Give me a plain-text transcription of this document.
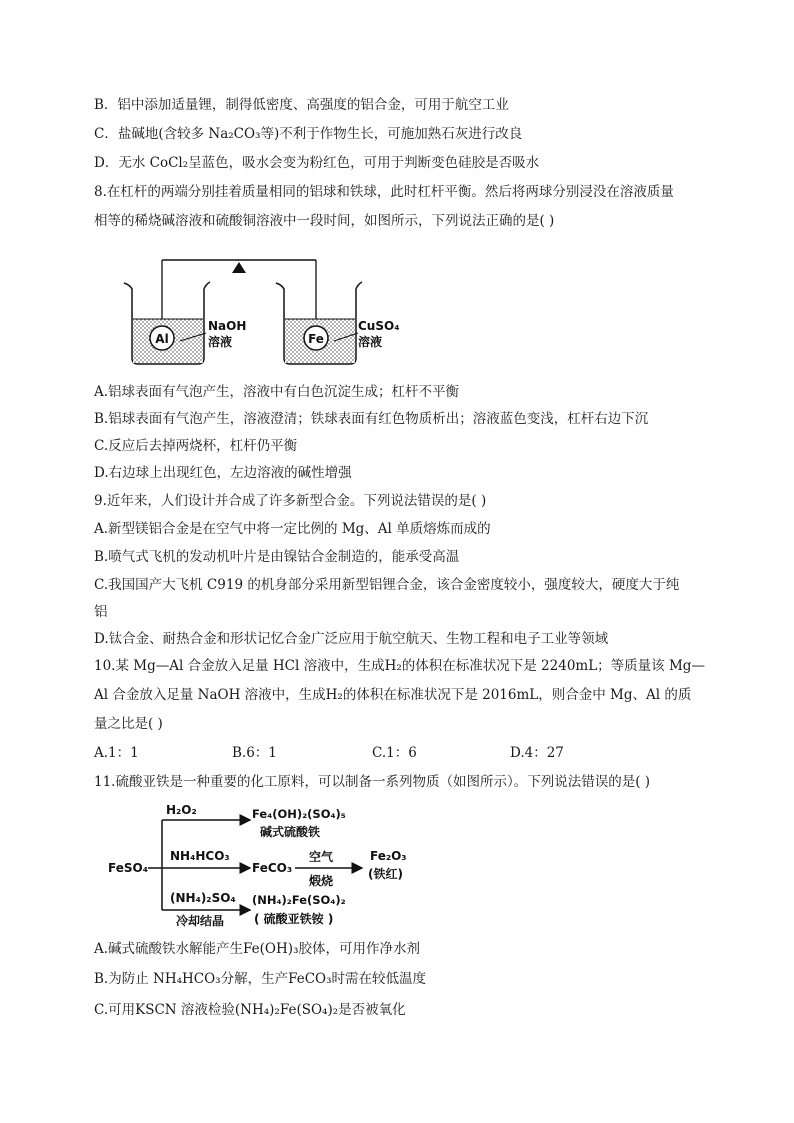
B．铝中添加适量锂，制得低密度、高强度的铝合金，可用于航空工业
C．盐碱地(含较多 Na₂CO₃等)不利于作物生长，可施加熟石灰进行改良
D．无水 CoCl₂呈蓝色，吸水会变为粉红色，可用于判断变色硅胶是否吸水
8.在杠杆的两端分别挂着质量相同的铝球和铁球，此时杠杆平衡。然后将两球分别浸没在溶液质量
相等的稀烧碱溶液和硫酸铜溶液中一段时间，如图所示，下列说法正确的是( )
Al	Fe
NaOH
溶液
CuSO₄
溶液
A.铝球表面有气泡产生，溶液中有白色沉淀生成；杠杆不平衡
B.铝球表面有气泡产生，溶液澄清；铁球表面有红色物质析出；溶液蓝色变浅，杠杆右边下沉
C.反应后去掉两烧杯，杠杆仍平衡
D.右边球上出现红色，左边溶液的碱性增强
9.近年来，人们设计并合成了许多新型合金。下列说法错误的是( )
A.新型镁铝合金是在空气中将一定比例的 Mg、Al 单质熔炼而成的
B.喷气式飞机的发动机叶片是由镍钴合金制造的，能承受高温
C.我国国产大飞机 C919 的机身部分采用新型铝锂合金，该合金密度较小，强度较大，硬度大于纯
铝
D.钛合金、耐热合金和形状记忆合金广泛应用于航空航天、生物工程和电子工业等领域
10.某 Mg—Al 合金放入足量 HCl 溶液中，生成H₂的体积在标准状况下是 2240mL；等质量该 Mg—
Al 合金放入足量 NaOH 溶液中，生成H₂的体积在标准状况下是 2016mL，则合金中 Mg、Al 的质
量之比是( )
A.1：1	B.6：1	C.1：6	D.4：27
11.硫酸亚铁是一种重要的化工原料，可以制备一系列物质（如图所示）。下列说法错误的是( )
FeSO₄
H₂O₂	Fe₄(OH)₂(SO₄)₅
碱式硫酸铁
NH₄HCO₃
FeCO₃
空气
煅烧
Fe₂O₃
(铁红)
(NH₄)₂SO₄
冷却结晶
(NH₄)₂Fe(SO₄)₂
( 硫酸亚铁铵 )
A.碱式硫酸铁水解能产生Fe(OH)₃胶体，可用作净水剂
B.为防止 NH₄HCO₃分解，生产FeCO₃时需在较低温度
C.可用KSCN 溶液检验(NH₄)₂Fe(SO₄)₂是否被氧化
